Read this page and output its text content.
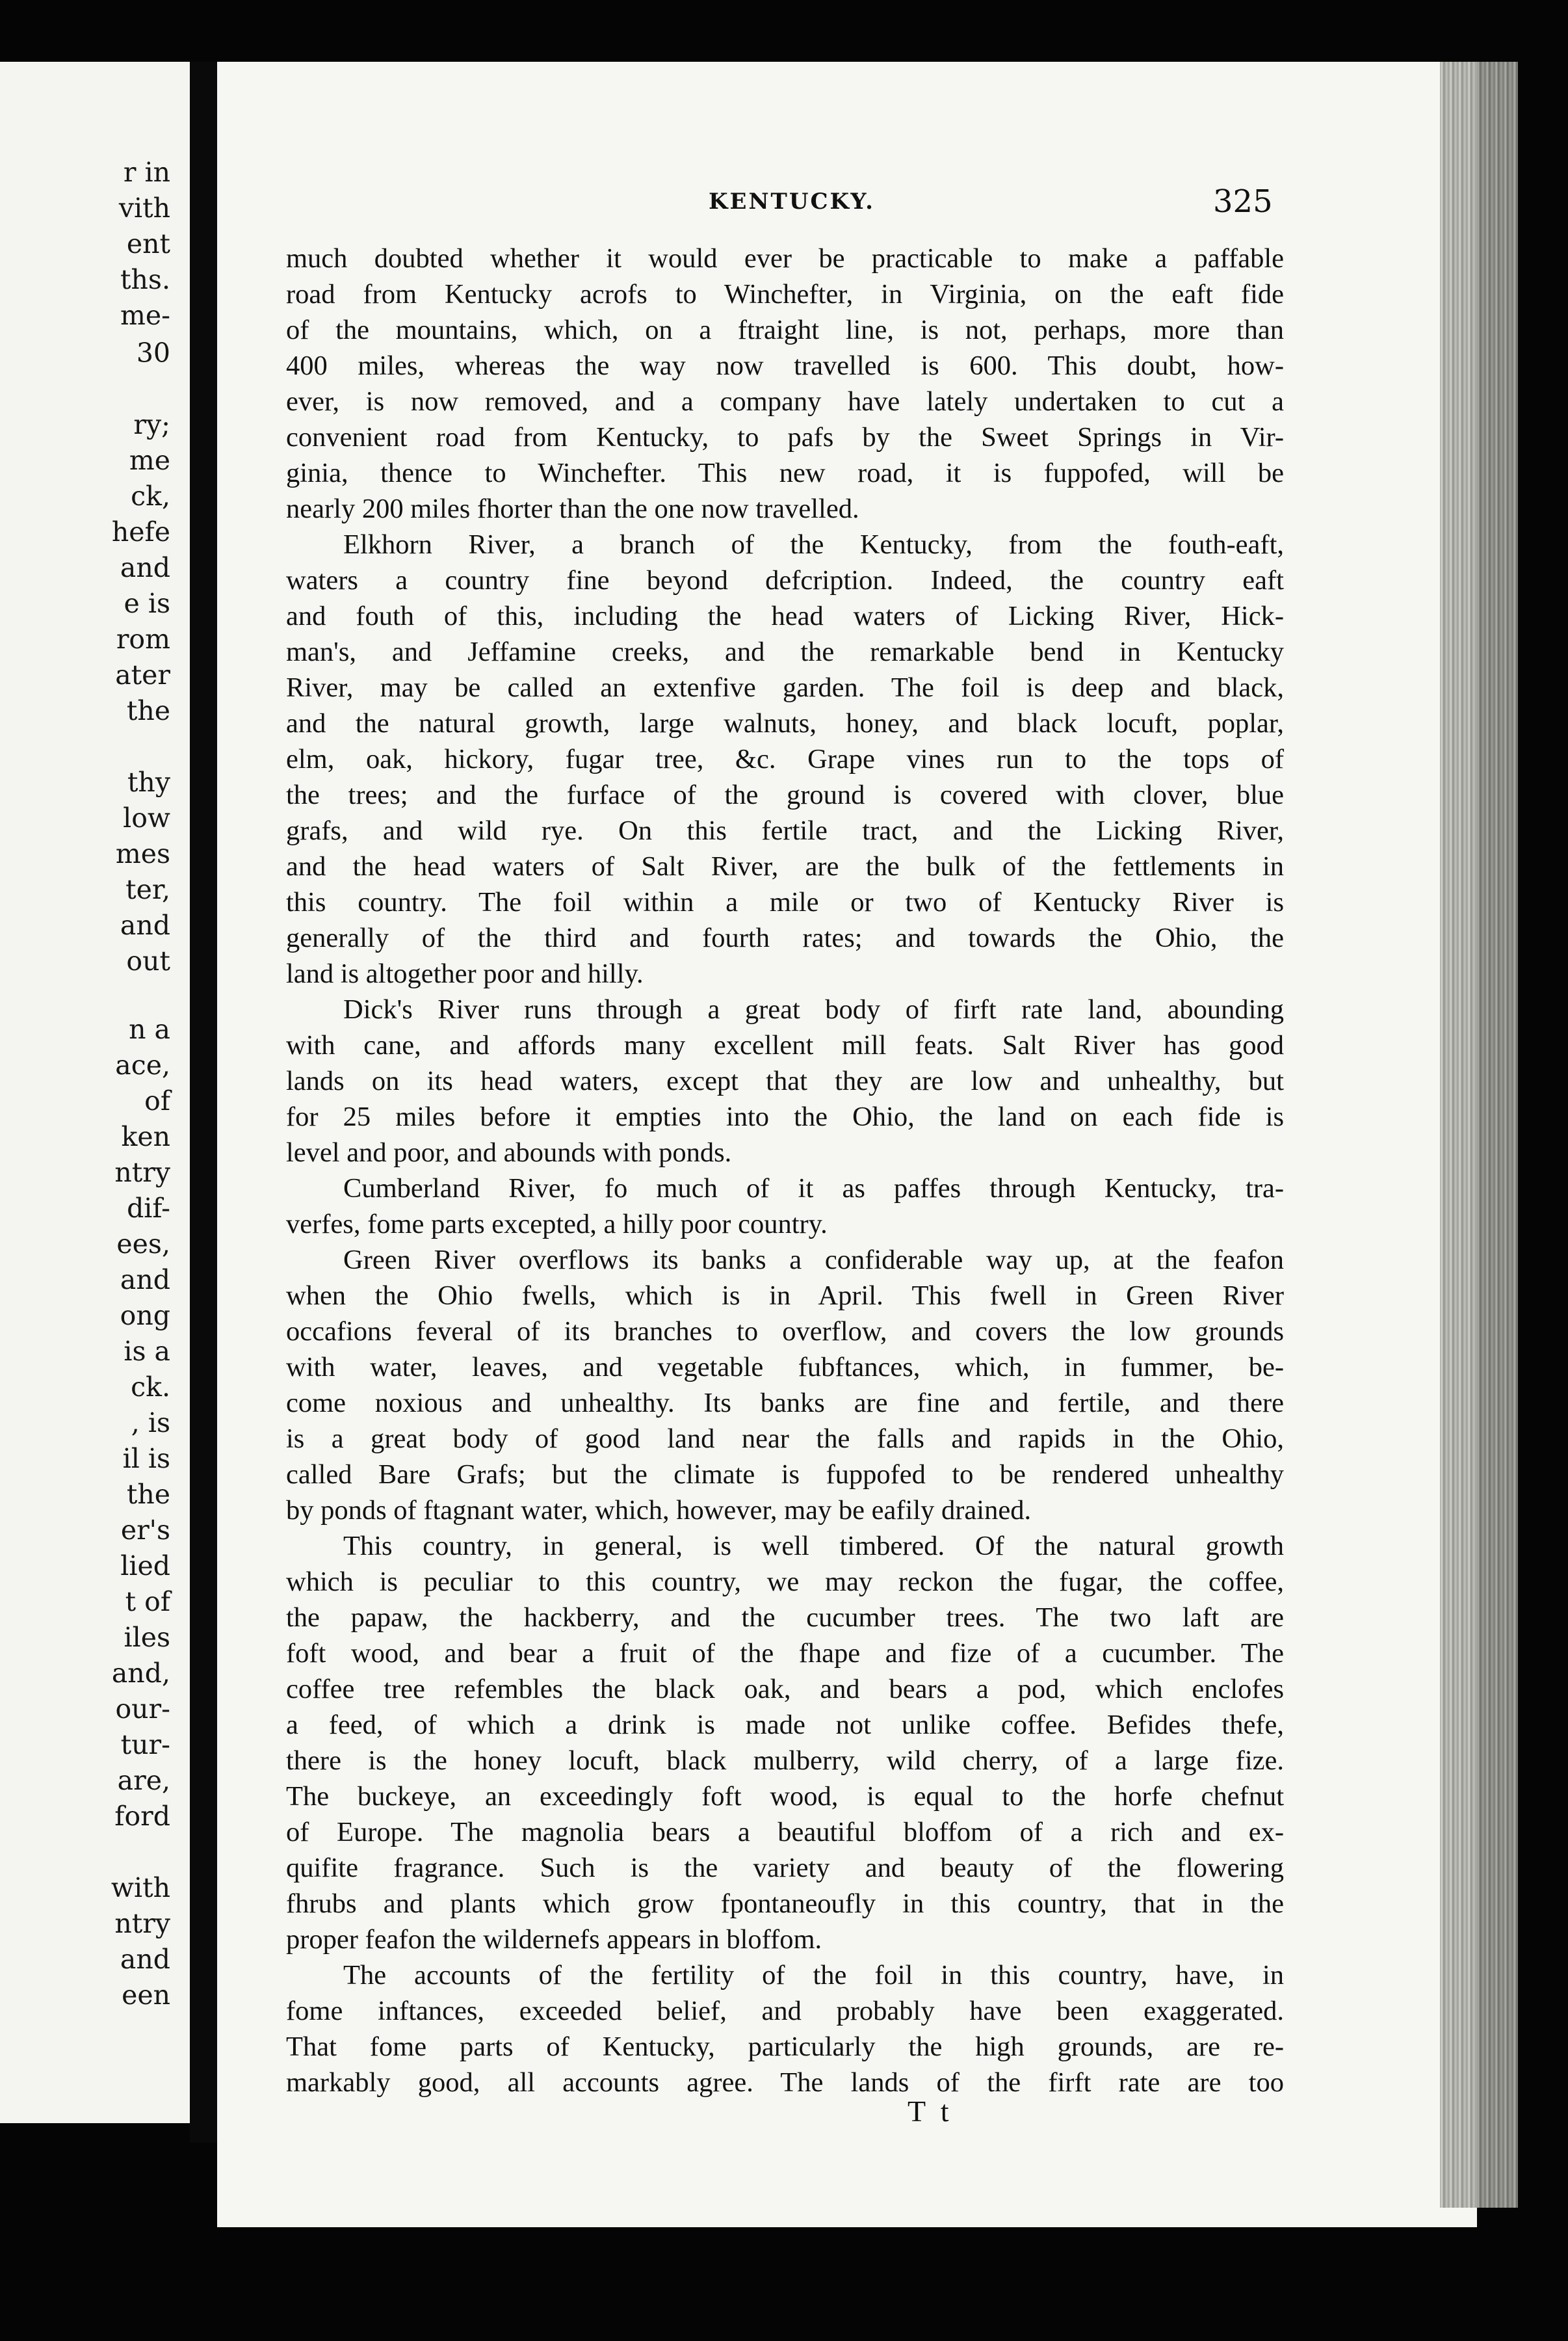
r in
vith
ent
ths.
me-
30
ry;
me
ck,
hefe
and
e is
rom
ater
the
thy
low
mes
ter,
and
out
n a
ace,
of
ken
ntry
dif-
ees,
and
ong
is a
ck.
, is
il is
the
er's
lied
t of
iles
and,
our-
tur-
are,
ford
with
ntry
and
een
KENTUCKY.	325
much doubted whether it would ever be practicable to make a paffable
road from Kentucky acrofs to Winchefter, in Virginia, on the eaft fide
of the mountains, which, on a ftraight line, is not, perhaps, more than
400 miles, whereas the way now travelled is 600. This doubt, how-
ever, is now removed, and a company have lately undertaken to cut a
convenient road from Kentucky, to pafs by the Sweet Springs in Vir-
ginia, thence to Winchefter. This new road, it is fuppofed, will be
nearly 200 miles fhorter than the one now travelled.
Elkhorn River, a branch of the Kentucky, from the fouth-eaft,
waters a country fine beyond defcription. Indeed, the country eaft
and fouth of this, including the head waters of Licking River, Hick-
man's, and Jeffamine creeks, and the remarkable bend in Kentucky
River, may be called an extenfive garden. The foil is deep and black,
and the natural growth, large walnuts, honey, and black locuft, poplar,
elm, oak, hickory, fugar tree, &c. Grape vines run to the tops of
the trees; and the furface of the ground is covered with clover, blue
grafs, and wild rye. On this fertile tract, and the Licking River,
and the head waters of Salt River, are the bulk of the fettlements in
this country. The foil within a mile or two of Kentucky River is
generally of the third and fourth rates; and towards the Ohio, the
land is altogether poor and hilly.
Dick's River runs through a great body of firft rate land, abounding
with cane, and affords many excellent mill feats. Salt River has good
lands on its head waters, except that they are low and unhealthy, but
for 25 miles before it empties into the Ohio, the land on each fide is
level and poor, and abounds with ponds.
Cumberland River, fo much of it as paffes through Kentucky, tra-
verfes, fome parts excepted, a hilly poor country.
Green River overflows its banks a confiderable way up, at the feafon
when the Ohio fwells, which is in April. This fwell in Green River
occafions feveral of its branches to overflow, and covers the low grounds
with water, leaves, and vegetable fubftances, which, in fummer, be-
come noxious and unhealthy. Its banks are fine and fertile, and there
is a great body of good land near the falls and rapids in the Ohio,
called Bare Grafs; but the climate is fuppofed to be rendered unhealthy
by ponds of ftagnant water, which, however, may be eafily drained.
This country, in general, is well timbered. Of the natural growth
which is peculiar to this country, we may reckon the fugar, the coffee,
the papaw, the hackberry, and the cucumber trees. The two laft are
foft wood, and bear a fruit of the fhape and fize of a cucumber. The
coffee tree refembles the black oak, and bears a pod, which enclofes
a feed, of which a drink is made not unlike coffee. Befides thefe,
there is the honey locuft, black mulberry, wild cherry, of a large fize.
The buckeye, an exceedingly foft wood, is equal to the horfe chefnut
of Europe. The magnolia bears a beautiful bloffom of a rich and ex-
quifite fragrance. Such is the variety and beauty of the flowering
fhrubs and plants which grow fpontaneoufly in this country, that in the
proper feafon the wildernefs appears in bloffom.
The accounts of the fertility of the foil in this country, have, in
fome inftances, exceeded belief, and probably have been exaggerated.
That fome parts of Kentucky, particularly the high grounds, are re-
markably good, all accounts agree. The lands of the firft rate are too
T t
